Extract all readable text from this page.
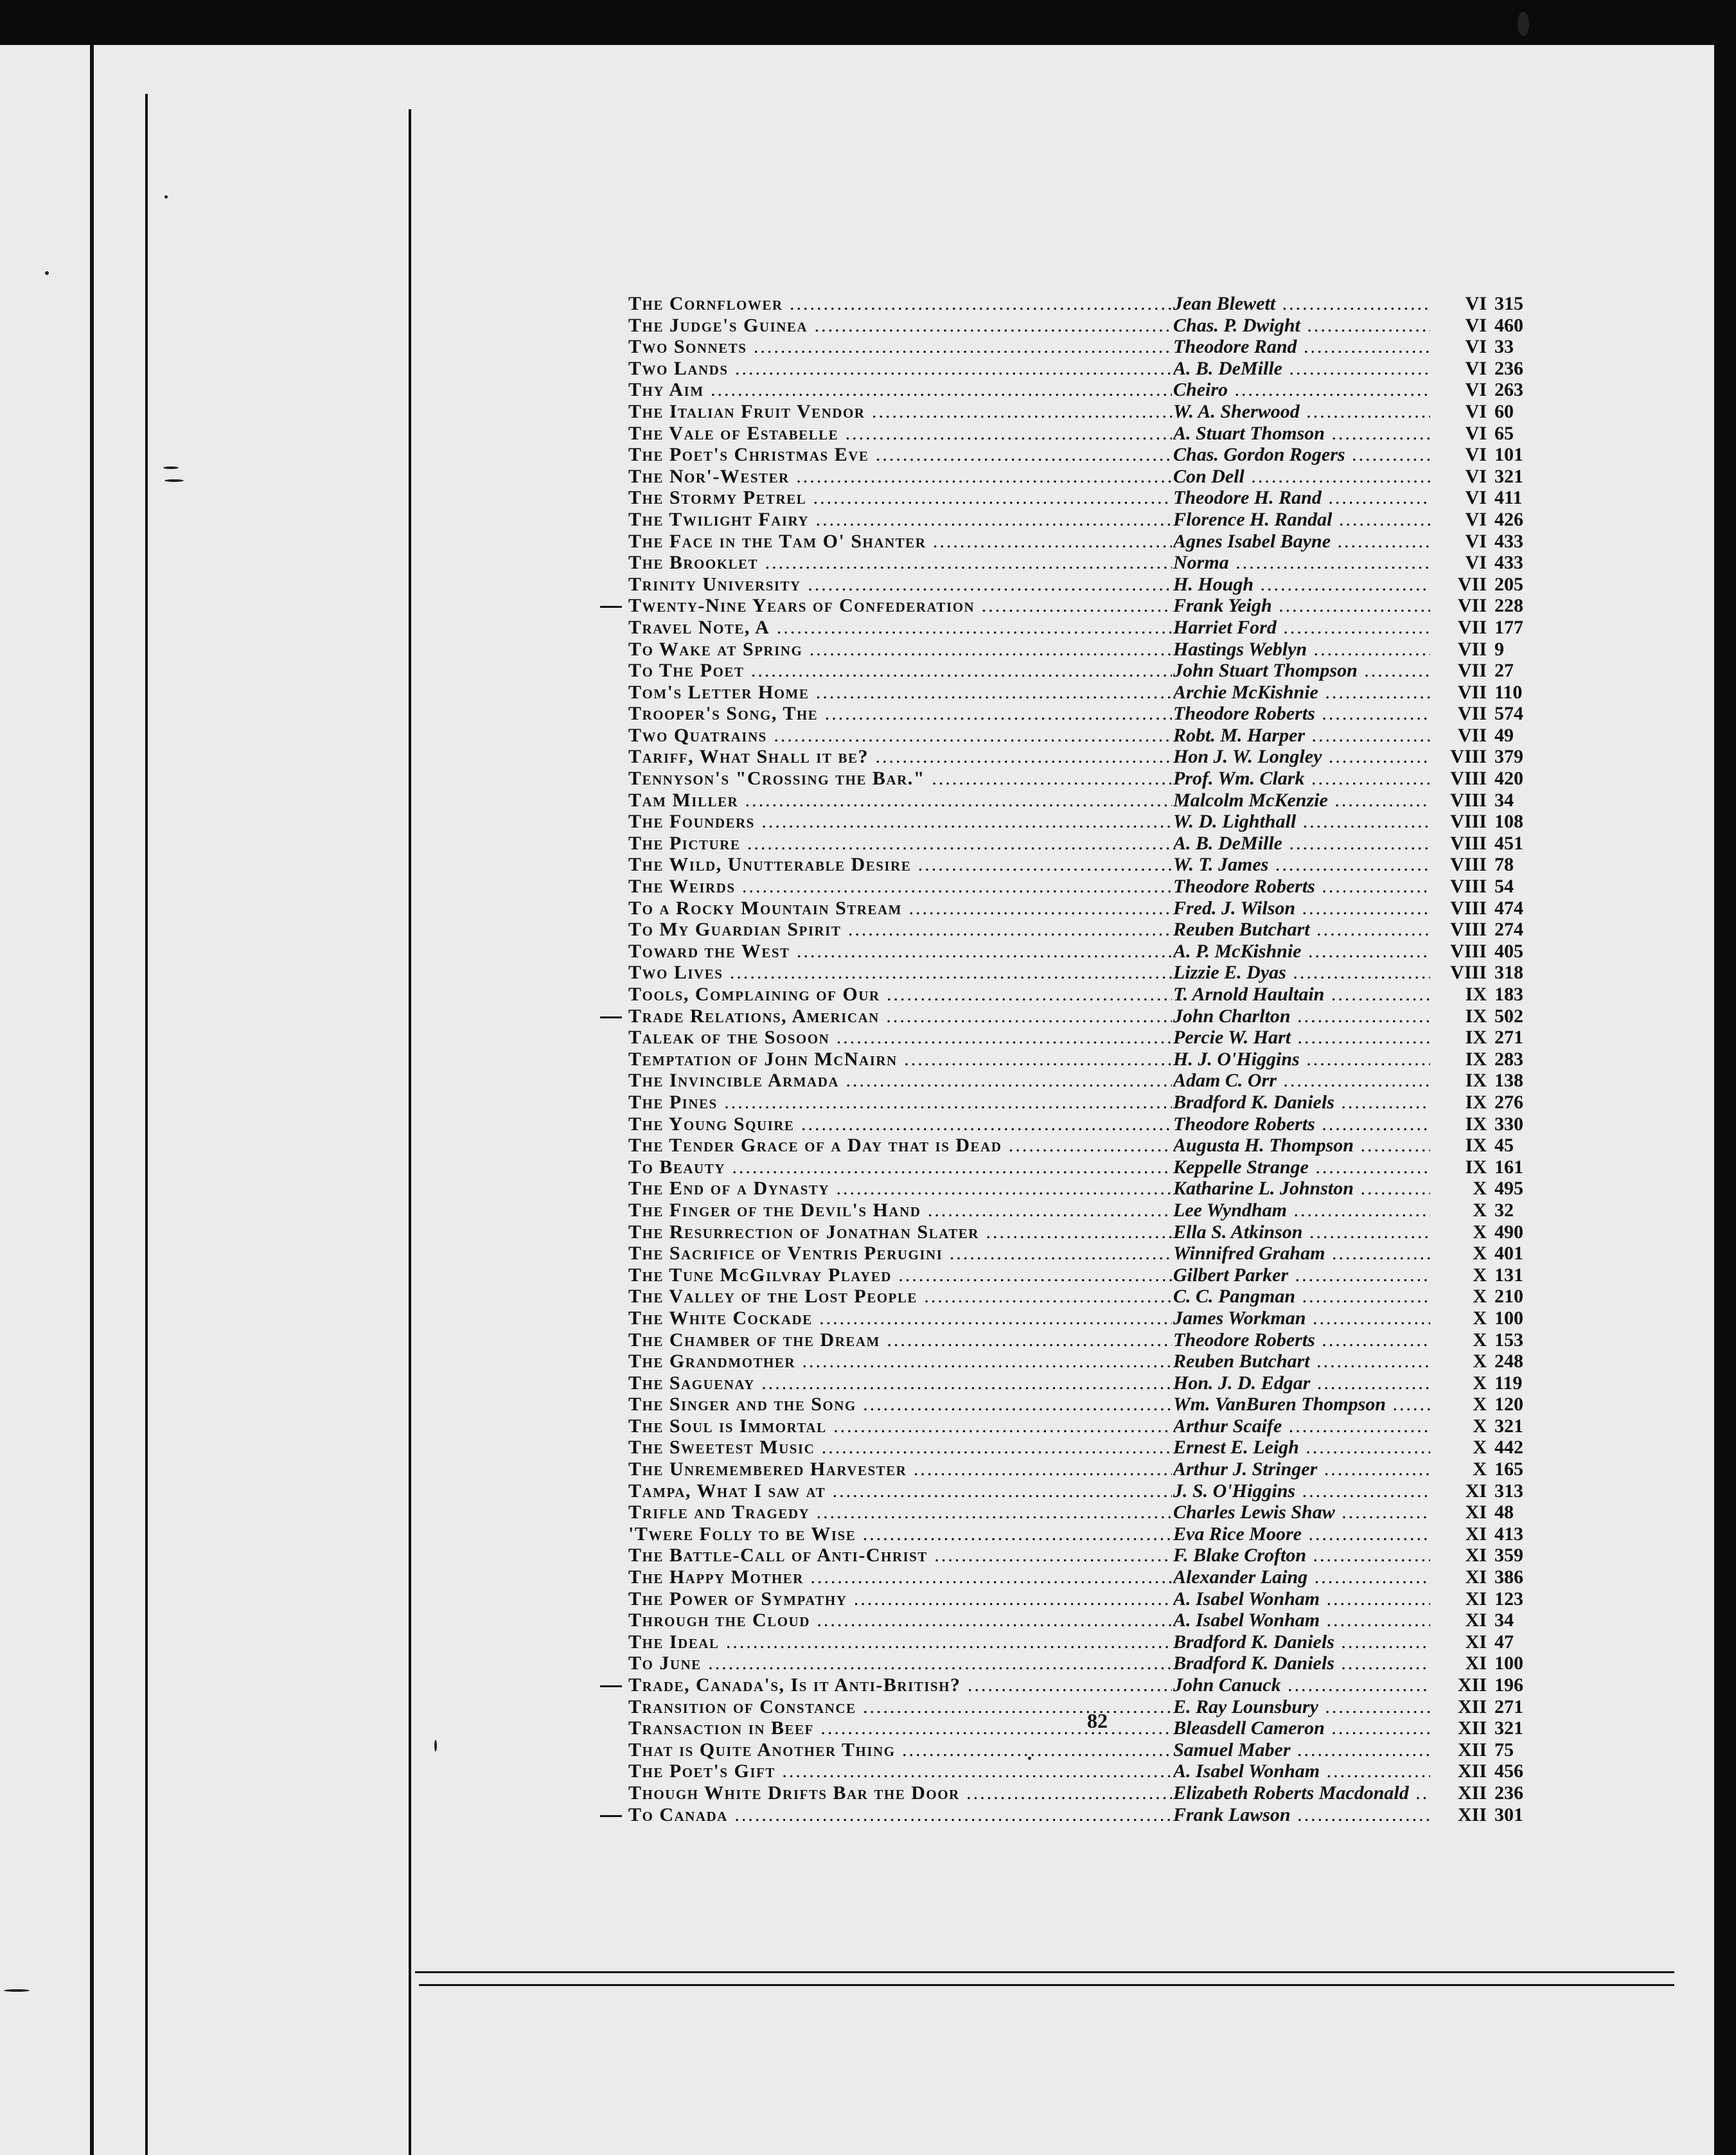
The Cornflower .....	Jean Blewett .....	VI 315
The Judge's Guinea .....	Chas. P. Dwight .....	VI 460
Two Sonnets .....	Theodore Rand .....	VI 33
Two Lands .....	A. B. DeMille .....	VI 236
Thy Aim .....	Cheiro .....	VI 263
The Italian Fruit Vendor .....	W. A. Sherwood .....	VI 60
The Vale of Estabelle .....	A. Stuart Thomson .....	VI 65
The Poet's Christmas Eve .....	Chas. Gordon Rogers .....	VI 101
The Nor'-Wester .....	Con Dell .....	VI 321
The Stormy Petrel .....	Theodore H. Rand .....	VI 411
The Twilight Fairy .....	Florence H. Randal .....	VI 426
The Face in the Tam O' Shanter .....	Agnes Isabel Bayne .....	VI 433
The Brooklet .....	Norma .....	VI 433
Trinity University .....	H. Hough .....	VII 205
Twenty-Nine Years of Confederation .....	Frank Yeigh .....	VII 228
Travel Note, A .....	Harriet Ford .....	VII 177
To Wake at Spring .....	Hastings Weblyn .....	VII 9
To The Poet .....	John Stuart Thompson .....	VII 27
Tom's Letter Home .....	Archie McKishnie .....	VII 110
Trooper's Song, The .....	Theodore Roberts .....	VII 574
Two Quatrains .....	Robt. M. Harper .....	VII 49
Tariff, What Shall it be? .....	Hon J. W. Longley .....	VIII 379
Tennyson's "Crossing the Bar." .....	Prof. Wm. Clark .....	VIII 420
Tam Miller .....	Malcolm McKenzie .....	VIII 34
The Founders .....	W. D. Lighthall .....	VIII 108
The Picture .....	A. B. DeMille .....	VIII 451
The Wild, Unutterable Desire .....	W. T. James .....	VIII 78
The Weirds .....	Theodore Roberts .....	VIII 54
To a Rocky Mountain Stream .....	Fred. J. Wilson .....	VIII 474
To My Guardian Spirit .....	Reuben Butchart .....	VIII 274
Toward the West .....	A. P. McKishnie .....	VIII 405
Two Lives .....	Lizzie E. Dyas .....	VIII 318
Tools, Complaining of Our .....	T. Arnold Haultain .....	IX 183
Trade Relations, American .....	John Charlton .....	IX 502
Taleak of the Sosoon .....	Percie W. Hart .....	IX 271
Temptation of John McNairn .....	H. J. O'Higgins .....	IX 283
The Invincible Armada .....	Adam C. Orr .....	IX 138
The Pines .....	Bradford K. Daniels .....	IX 276
The Young Squire .....	Theodore Roberts .....	IX 330
The Tender Grace of a Day that is Dead .....	Augusta H. Thompson .....	IX 45
To Beauty .....	Keppelle Strange .....	IX 161
The End of a Dynasty .....	Katharine L. Johnston .....	X 495
The Finger of the Devil's Hand .....	Lee Wyndham .....	X 32
The Resurrection of Jonathan Slater .....	Ella S. Atkinson .....	X 490
The Sacrifice of Ventris Perugini .....	Winnifred Graham .....	X 401
The Tune McGilvray Played .....	Gilbert Parker .....	X 131
The Valley of the Lost People .....	C. C. Pangman .....	X 210
The White Cockade .....	James Workman .....	X 100
The Chamber of the Dream .....	Theodore Roberts .....	X 153
The Grandmother .....	Reuben Butchart .....	X 248
The Saguenay .....	Hon. J. D. Edgar .....	X 119
The Singer and the Song .....	Wm. VanBuren Thompson .....	X 120
The Soul is Immortal .....	Arthur Scaife .....	X 321
The Sweetest Music .....	Ernest E. Leigh .....	X 442
The Unremembered Harvester .....	Arthur J. Stringer .....	X 165
Tampa, What I saw at .....	J. S. O'Higgins .....	XI 313
Trifle and Tragedy .....	Charles Lewis Shaw .....	XI 48
'Twere Folly to be Wise .....	Eva Rice Moore .....	XI 413
The Battle-Call of Anti-Christ .....	F. Blake Crofton .....	XI 359
The Happy Mother .....	Alexander Laing .....	XI 386
The Power of Sympathy .....	A. Isabel Wonham .....	XI 123
Through the Cloud .....	A. Isabel Wonham .....	XI 34
The Ideal .....	Bradford K. Daniels .....	XI 47
To June .....	Bradford K. Daniels .....	XI 100
Trade, Canada's, Is it Anti-British? .....	John Canuck .....	XII 196
Transition of Constance .....	E. Ray Lounsbury .....	XII 271
Transaction in Beef .....	Bleasdell Cameron .....	XII 321
That is Quite Another Thing .....	Samuel Maber .....	XII 75
The Poet's Gift .....	A. Isabel Wonham .....	XII 456
Though White Drifts Bar the Door .....	Elizabeth Roberts Macdonald .....	XII 236
To Canada .....	Frank Lawson .....	XII 301
82
